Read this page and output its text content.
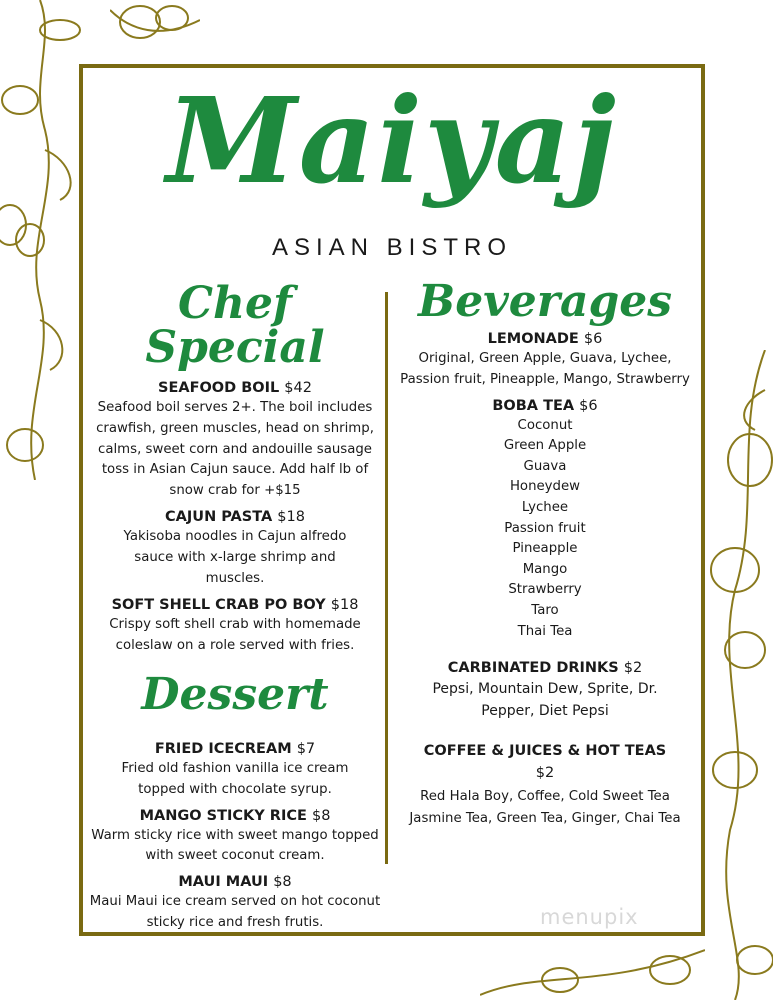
Maiyaj
ASIAN BISTRO
Chef Special
SEAFOOD BOIL $42
Seafood boil serves 2+. The boil includes crawfish, green muscles, head on shrimp, calms, sweet corn and andouille sausage toss in Asian Cajun sauce. Add half lb of snow crab for +$15
CAJUN PASTA $18
Yakisoba noodles in Cajun alfredo sauce with x-large shrimp and muscles.
SOFT SHELL CRAB PO BOY $18
Crispy soft shell crab with homemade coleslaw on a role served with fries.
Dessert
FRIED ICECREAM $7
Fried old fashion vanilla ice cream topped with chocolate syrup.
MANGO STICKY RICE $8
Warm sticky rice with sweet mango topped with sweet coconut cream.
MAUI MAUI $8
Maui Maui ice cream served on hot coconut sticky rice and fresh frutis.
Beverages
LEMONADE $6
Original, Green Apple, Guava, Lychee, Passion fruit, Pineapple, Mango, Strawberry
BOBA TEA $6
Coconut
Green Apple
Guava
Honeydew
Lychee
Passion fruit
Pineapple
Mango
Strawberry
Taro
Thai Tea
CARBINATED DRINKS $2
Pepsi, Mountain Dew, Sprite, Dr. Pepper, Diet Pepsi
COFFEE & JUICES & HOT TEAS
$2
Red Hala Boy, Coffee, Cold Sweet Tea Jasmine Tea, Green Tea, Ginger, Chai Tea
menupix
